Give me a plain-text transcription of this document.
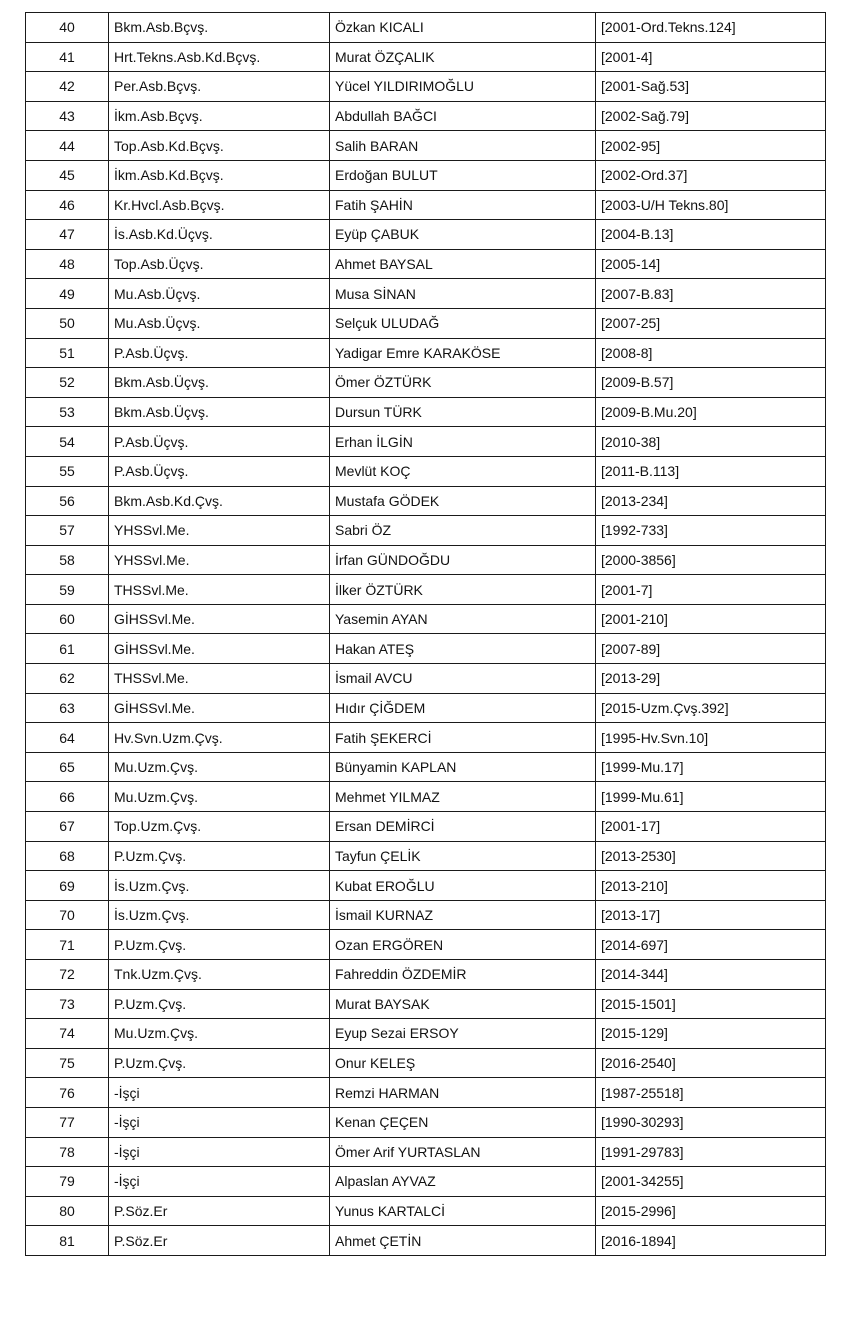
40	Bkm.Asb.Bçvş.	Özkan KICALI	[2001-Ord.Tekns.124]
41	Hrt.Tekns.Asb.Kd.Bçvş.	Murat ÖZÇALIK	[2001-4]
42	Per.Asb.Bçvş.	Yücel YILDIRIMOĞLU	[2001-Sağ.53]
43	İkm.Asb.Bçvş.	Abdullah BAĞCI	[2002-Sağ.79]
44	Top.Asb.Kd.Bçvş.	Salih BARAN	[2002-95]
45	İkm.Asb.Kd.Bçvş.	Erdoğan BULUT	[2002-Ord.37]
46	Kr.Hvcl.Asb.Bçvş.	Fatih ŞAHİN	[2003-U/H Tekns.80]
47	İs.Asb.Kd.Üçvş.	Eyüp ÇABUK	[2004-B.13]
48	Top.Asb.Üçvş.	Ahmet BAYSAL	[2005-14]
49	Mu.Asb.Üçvş.	Musa SİNAN	[2007-B.83]
50	Mu.Asb.Üçvş.	Selçuk ULUDAĞ	[2007-25]
51	P.Asb.Üçvş.	Yadigar Emre KARAKÖSE	[2008-8]
52	Bkm.Asb.Üçvş.	Ömer ÖZTÜRK	[2009-B.57]
53	Bkm.Asb.Üçvş.	Dursun TÜRK	[2009-B.Mu.20]
54	P.Asb.Üçvş.	Erhan İLGİN	[2010-38]
55	P.Asb.Üçvş.	Mevlüt KOÇ	[2011-B.113]
56	Bkm.Asb.Kd.Çvş.	Mustafa GÖDEK	[2013-234]
57	YHSSvl.Me.	Sabri ÖZ	[1992-733]
58	YHSSvl.Me.	İrfan GÜNDOĞDU	[2000-3856]
59	THSSvl.Me.	İlker ÖZTÜRK	[2001-7]
60	GİHSSvl.Me.	Yasemin AYAN	[2001-210]
61	GİHSSvl.Me.	Hakan ATEŞ	[2007-89]
62	THSSvl.Me.	İsmail AVCU	[2013-29]
63	GİHSSvl.Me.	Hıdır ÇİĞDEM	[2015-Uzm.Çvş.392]
64	Hv.Svn.Uzm.Çvş.	Fatih ŞEKERCİ	[1995-Hv.Svn.10]
65	Mu.Uzm.Çvş.	Bünyamin KAPLAN	[1999-Mu.17]
66	Mu.Uzm.Çvş.	Mehmet YILMAZ	[1999-Mu.61]
67	Top.Uzm.Çvş.	Ersan DEMİRCİ	[2001-17]
68	P.Uzm.Çvş.	Tayfun ÇELİK	[2013-2530]
69	İs.Uzm.Çvş.	Kubat EROĞLU	[2013-210]
70	İs.Uzm.Çvş.	İsmail KURNAZ	[2013-17]
71	P.Uzm.Çvş.	Ozan ERGÖREN	[2014-697]
72	Tnk.Uzm.Çvş.	Fahreddin ÖZDEMİR	[2014-344]
73	P.Uzm.Çvş.	Murat BAYSAK	[2015-1501]
74	Mu.Uzm.Çvş.	Eyup Sezai ERSOY	[2015-129]
75	P.Uzm.Çvş.	Onur KELEŞ	[2016-2540]
76	-İşçi	Remzi HARMAN	[1987-25518]
77	-İşçi	Kenan ÇEÇEN	[1990-30293]
78	-İşçi	Ömer Arif YURTASLAN	[1991-29783]
79	-İşçi	Alpaslan AYVAZ	[2001-34255]
80	P.Söz.Er	Yunus KARTALCİ	[2015-2996]
81	P.Söz.Er	Ahmet ÇETİN	[2016-1894]
